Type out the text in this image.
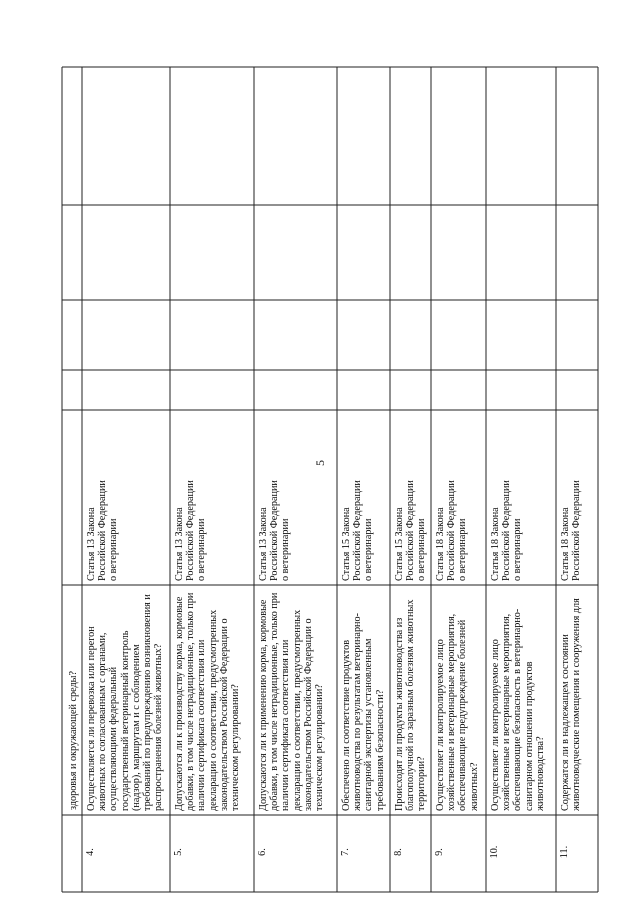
5
здоровья и окружающей среды?
4.
Осуществляется ли перевозка или перегон
животных по согласованным с органами,
осуществляющими федеральный
государственный ветеринарный контроль
(надзор), маршрутам и с соблюдением
требований по предупреждению возникновения и
распространения болезней животных?
Статья 13 Закона
Российской Федерации
о ветеринарии
5.
Допускаются ли к производству корма, кормовые
добавки, в том числе нетрадиционные, только при
наличии сертификата соответствия или
декларации о соответствии, предусмотренных
законодательством Российской Федерации о
техническом регулировании?
Статья 13 Закона
Российской Федерации
о ветеринарии
6.
Допускаются ли к применению корма, кормовые
добавки, в том числе нетрадиционные, только при
наличии сертификата соответствия или
декларации о соответствии, предусмотренных
законодательством Российской Федерации о
техническом регулировании?
Статья 13 Закона
Российской Федерации
о ветеринарии
7.
Обеспечено ли соответствие продуктов
животноводства по результатам ветеринарно-
санитарной экспертизы установленным
требованиям безопасности?
Статья 15 Закона
Российской Федерации
о ветеринарии
8.
Происходят ли продукты животноводства из
благополучной по заразным болезням животных
территории?
Статья 15 Закона
Российской Федерации
о ветеринарии
9.
Осуществляет ли контролируемое лицо
хозяйственные и ветеринарные мероприятия,
обеспечивающие предупреждение болезней
животных?
Статья 18 Закона
Российской Федерации
о ветеринарии
10.
Осуществляет ли контролируемое лицо
хозяйственные и ветеринарные мероприятия,
обеспечивающие безопасность в ветеринарно-
санитарном отношении продуктов
животноводства?
Статья 18 Закона
Российской Федерации
о ветеринарии
11.
Содержатся ли в надлежащем состоянии
животноводческие помещения и сооружения для
Статья 18 Закона
Российской Федерации
